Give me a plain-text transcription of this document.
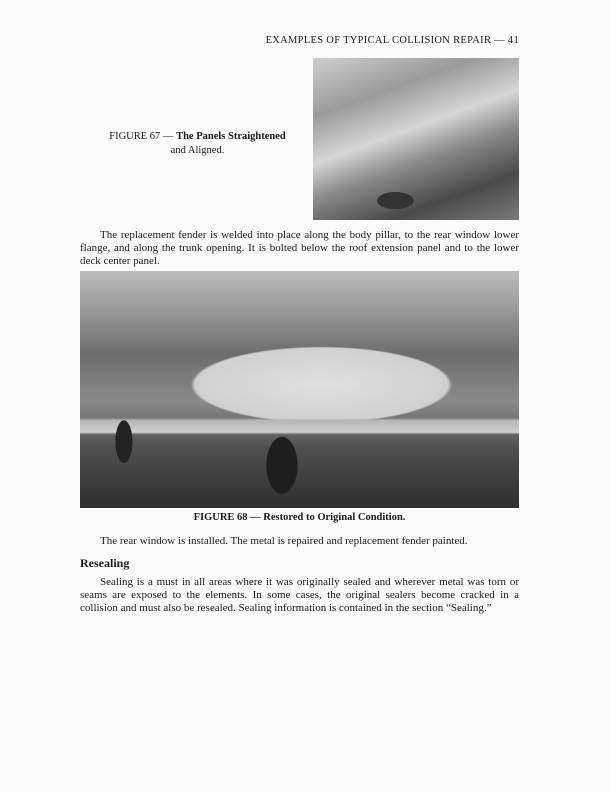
EXAMPLES OF TYPICAL COLLISION REPAIR — 41
FIGURE 67 — The Panels Straightened
and Aligned.
The replacement fender is welded into place along the body pillar, to the rear window lower flange, and along the trunk opening. It is bolted below the roof extension panel and to the lower deck center panel.
FIGURE 68 — Restored to Original Condition.
The rear window is installed. The metal is repaired and replacement fender painted.
Resealing
Sealing is a must in all areas where it was originally sealed and wherever metal was torn or seams are exposed to the elements. In some cases, the original sealers become cracked in a collision and must also be resealed. Sealing information is contained in the section “Sealing.”
